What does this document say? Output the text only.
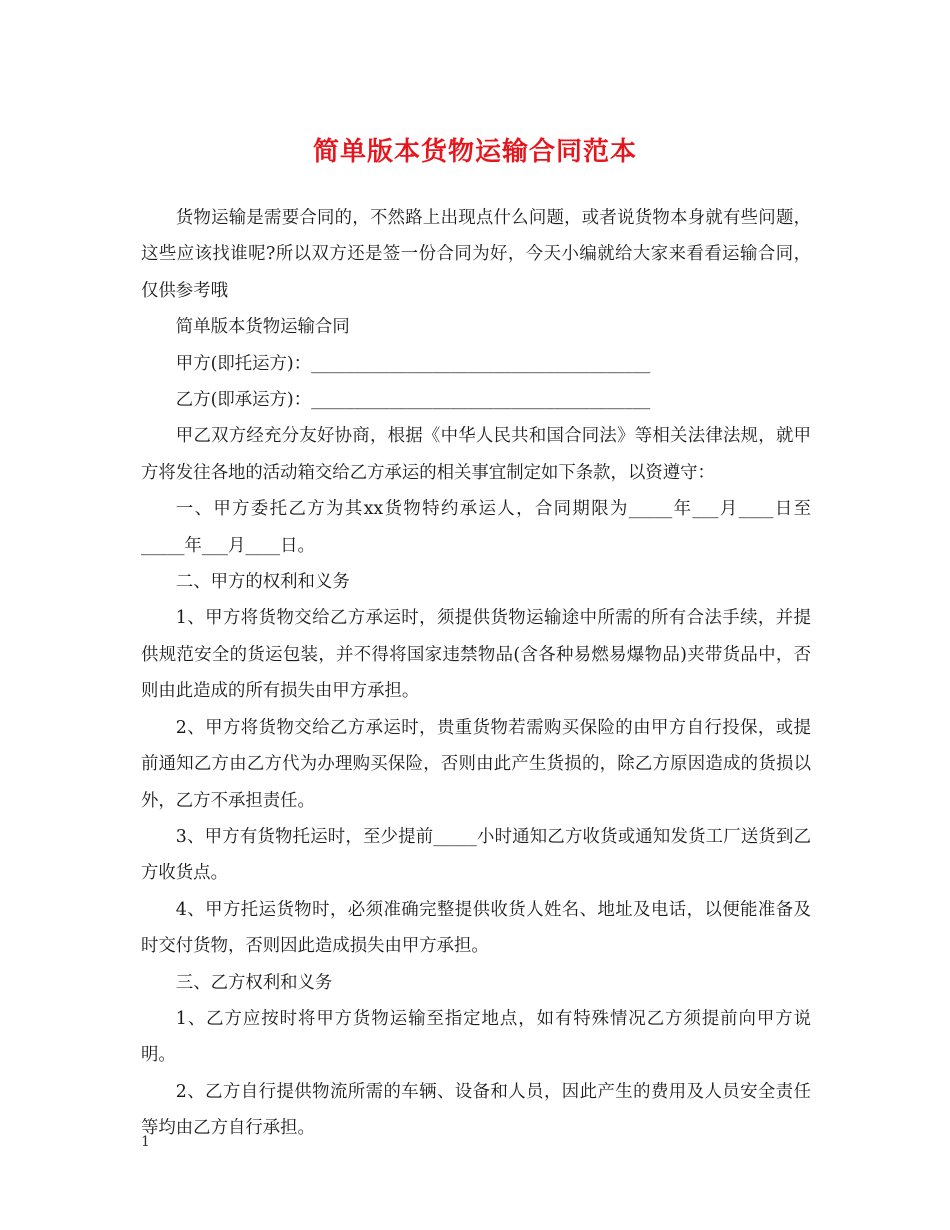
简单版本货物运输合同范本

货物运输是需要合同的，不然路上出现点什么问题，或者说货物本身就有些问题，这些应该找谁呢?所以双方还是签一份合同为好，今天小编就给大家来看看运输合同，仅供参考哦

简单版本货物运输合同

甲方(即托运方)：_______________________________________

乙方(即承运方)：_______________________________________

甲乙双方经充分友好协商，根据《中华人民共和国合同法》等相关法律法规，就甲方将发往各地的活动箱交给乙方承运的相关事宜制定如下条款，以资遵守：

一、甲方委托乙方为其xx货物特约承运人，合同期限为_____年___月____日至_____年___月____日。

二、甲方的权利和义务

1、甲方将货物交给乙方承运时，须提供货物运输途中所需的所有合法手续，并提供规范安全的货运包装，并不得将国家违禁物品(含各种易燃易爆物品)夹带货品中，否则由此造成的所有损失由甲方承担。

2、甲方将货物交给乙方承运时，贵重货物若需购买保险的由甲方自行投保，或提前通知乙方由乙方代为办理购买保险，否则由此产生货损的，除乙方原因造成的货损以外，乙方不承担责任。

3、甲方有货物托运时，至少提前_____小时通知乙方收货或通知发货工厂送货到乙方收货点。

4、甲方托运货物时，必须准确完整提供收货人姓名、地址及电话，以便能准备及时交付货物，否则因此造成损失由甲方承担。

三、乙方权利和义务

1、乙方应按时将甲方货物运输至指定地点，如有特殊情况乙方须提前向甲方说明。

2、乙方自行提供物流所需的车辆、设备和人员，因此产生的费用及人员安全责任等均由乙方自行承担。

1
